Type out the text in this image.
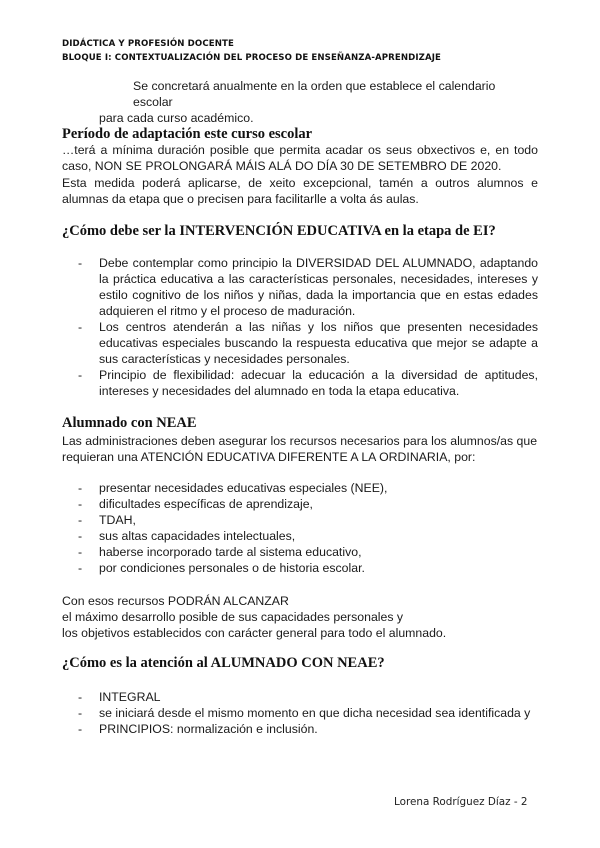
DIDÁCTICA Y PROFESIÓN DOCENTE
BLOQUE I: CONTEXTUALIZACIÓN DEL PROCESO DE ENSEÑANZA-APRENDIZAJE
Se concretará anualmente en la orden que establece el calendario escolar
para cada curso académico.
Período de adaptación este curso escolar
…terá a mínima duración posible que permita acadar os seus obxectivos e, en todo caso, NON SE PROLONGARÁ MÁIS ALÁ DO DÍA 30 DE SETEMBRO DE 2020.
Esta medida poderá aplicarse, de xeito excepcional, tamén a outros alumnos e alumnas da etapa que o precisen para facilitarlle a volta ás aulas.
¿Cómo debe ser la INTERVENCIÓN EDUCATIVA en la etapa de EI?
- Debe contemplar como principio la DIVERSIDAD DEL ALUMNADO, adaptando la práctica educativa a las características personales, necesidades, intereses y estilo cognitivo de los niños y niñas, dada la importancia que en estas edades adquieren el ritmo y el proceso de maduración.
- Los centros atenderán a las niñas y los niños que presenten necesidades educativas especiales buscando la respuesta educativa que mejor se adapte a sus características y necesidades personales.
- Principio de flexibilidad: adecuar la educación a la diversidad de aptitudes, intereses y necesidades del alumnado en toda la etapa educativa.
Alumnado con NEAE
Las administraciones deben asegurar los recursos necesarios para los alumnos/as que
requieran una ATENCIÓN EDUCATIVA DIFERENTE A LA ORDINARIA, por:
- presentar necesidades educativas especiales (NEE),
- dificultades específicas de aprendizaje,
- TDAH,
- sus altas capacidades intelectuales,
- haberse incorporado tarde al sistema educativo,
- por condiciones personales o de historia escolar.
Con esos recursos PODRÁN ALCANZAR
el máximo desarrollo posible de sus capacidades personales y
los objetivos establecidos con carácter general para todo el alumnado.
¿Cómo es la atención al ALUMNADO CON NEAE?
- INTEGRAL
- se iniciará desde el mismo momento en que dicha necesidad sea identificada y
- PRINCIPIOS: normalización e inclusión.
Lorena Rodríguez Díaz - 2
